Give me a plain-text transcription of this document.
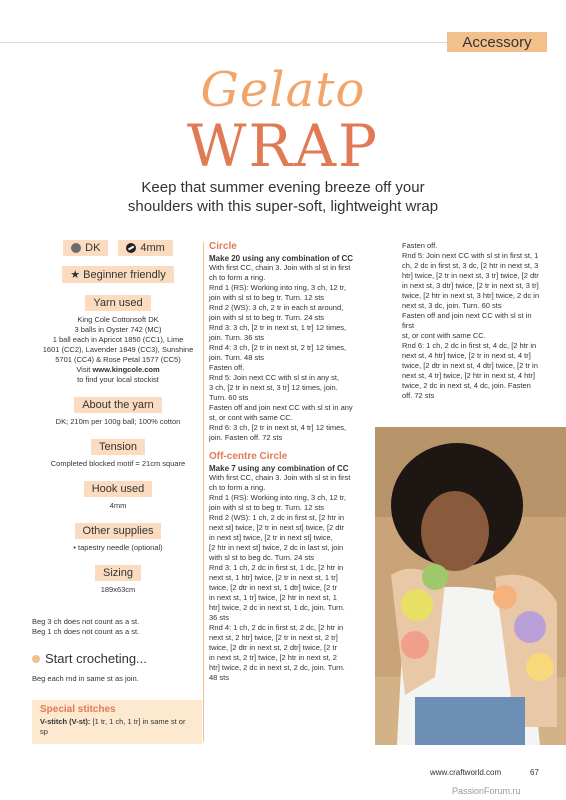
Accessory
Gelato
WRAP
Keep that summer evening breeze off your
shoulders with this super-soft, lightweight wrap
DK	4mm
★ Beginner friendly
Yarn used
King Cole Cottonsoft DK
3 balls in Oyster 742 (MC)
1 ball each in Apricot 1850 (CC1), Lime
1601 (CC2), Lavender 1849 (CC3), Sunshine
5701 (CC4) & Rose Petal 1577 (CC5)
Visit www.kingcole.com
to find your local stockist
About the yarn
DK; 210m per 100g ball; 100% cotton
Tension
Completed blocked motif = 21cm square
Hook used
4mm
Other supplies
• tapestry needle (optional)
Sizing
189x63cm
Beg 3 ch does not count as a st.
Beg 1 ch does not count as a st.
Start crocheting...
Beg each rnd in same st as join.
Special stitches
V-stitch (V-st): [1 tr, 1 ch, 1 tr] in same st or sp
Circle
Make 20 using any combination of CC
With first CC, chain 3. Join with sl st in first
ch to form a ring.
Rnd 1 (RS): Working into ring, 3 ch, 12 tr,
join with sl st to beg tr. Turn. 12 sts
Rnd 2 (WS): 3 ch, 2 tr in each st around,
join with sl st to beg tr. Turn. 24 sts
Rnd 3: 3 ch, [2 tr in next st, 1 tr] 12 times,
join. Turn. 36 sts
Rnd 4: 3 ch, [2 tr in next st, 2 tr] 12 times,
join. Turn. 48 sts
Fasten off.
Rnd 5: Join next CC with sl st in any st,
3 ch, [2 tr in next st, 3 tr] 12 times, join.
Turn. 60 sts
Fasten off and join next CC with sl st in any
st, or cont with same CC.
Rnd 6: 3 ch, [2 tr in next st, 4 tr] 12 times,
join. Fasten off. 72 sts
Off-centre Circle
Make 7 using any combination of CC
With first CC, chain 3. Join with sl st in first
ch to form a ring.
Rnd 1 (RS): Working into ring, 3 ch, 12 tr,
join with sl st to beg tr. Turn. 12 sts
Rnd 2 (WS): 1 ch, 2 dc in first st, [2 htr in
next st] twice, [2 tr in next st] twice, [2 dtr
in next st] twice, [2 tr in next st] twice,
[2 htr in next st] twice, 2 dc in last st, join
with sl st to beg dc. Turn. 24 sts
Rnd 3: 1 ch, 2 dc in first st, 1 dc, [2 htr in
next st, 1 htr] twice, [2 tr in next st, 1 tr]
twice, [2 dtr in next st, 1 dtr] twice, [2 tr
in next st, 1 tr] twice, [2 htr in next st, 1
htr] twice, 2 dc in next st, 1 dc, join. Turn.
36 sts
Rnd 4: 1 ch, 2 dc in first st, 2 dc, [2 htr in
next st, 2 htr] twice, [2 tr in next st, 2 tr]
twice, [2 dtr in next st, 2 dtr] twice, [2 tr
in next st, 2 tr] twice, [2 htr in next st, 2
htr] twice, 2 dc in next st, 2 dc, join. Turn.
48 sts
Fasten off.
Rnd 5: Join next CC with sl st in first st, 1
ch, 2 dc in first st, 3 dc, [2 htr in next st, 3
htr] twice, [2 tr in next st, 3 tr] twice, [2 dtr
in next st, 3 dtr] twice, [2 tr in next st, 3 tr]
twice, [2 htr in next st, 3 htr] twice, 2 dc in
next st, 3 dc, join. Turn. 60 sts
Fasten off and join next CC with sl st in first
st, or cont with same CC.
Rnd 6: 1 ch, 2 dc in first st, 4 dc, [2 htr in
next st, 4 htr] twice, [2 tr in next st, 4 tr]
twice, [2 dtr in next st, 4 dtr] twice, [2 tr in
next st, 4 tr] twice, [2 htr in next st, 4 htr]
twice, 2 dc in next st, 4 dc, join. Fasten
off. 72 sts
www.craftworld.com	67
PassionForum.ru
